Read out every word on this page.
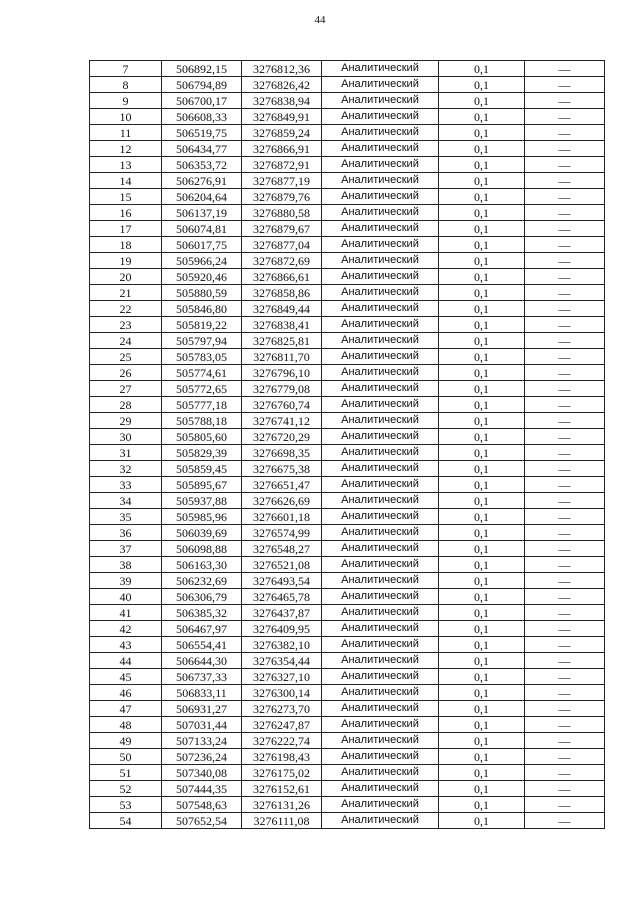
44
7	506892,15	3276812,36	Аналитический	0,1	—
8	506794,89	3276826,42	Аналитический	0,1	—
9	506700,17	3276838,94	Аналитический	0,1	—
10	506608,33	3276849,91	Аналитический	0,1	—
11	506519,75	3276859,24	Аналитический	0,1	—
12	506434,77	3276866,91	Аналитический	0,1	—
13	506353,72	3276872,91	Аналитический	0,1	—
14	506276,91	3276877,19	Аналитический	0,1	—
15	506204,64	3276879,76	Аналитический	0,1	—
16	506137,19	3276880,58	Аналитический	0,1	—
17	506074,81	3276879,67	Аналитический	0,1	—
18	506017,75	3276877,04	Аналитический	0,1	—
19	505966,24	3276872,69	Аналитический	0,1	—
20	505920,46	3276866,61	Аналитический	0,1	—
21	505880,59	3276858,86	Аналитический	0,1	—
22	505846,80	3276849,44	Аналитический	0,1	—
23	505819,22	3276838,41	Аналитический	0,1	—
24	505797,94	3276825,81	Аналитический	0,1	—
25	505783,05	3276811,70	Аналитический	0,1	—
26	505774,61	3276796,10	Аналитический	0,1	—
27	505772,65	3276779,08	Аналитический	0,1	—
28	505777,18	3276760,74	Аналитический	0,1	—
29	505788,18	3276741,12	Аналитический	0,1	—
30	505805,60	3276720,29	Аналитический	0,1	—
31	505829,39	3276698,35	Аналитический	0,1	—
32	505859,45	3276675,38	Аналитический	0,1	—
33	505895,67	3276651,47	Аналитический	0,1	—
34	505937,88	3276626,69	Аналитический	0,1	—
35	505985,96	3276601,18	Аналитический	0,1	—
36	506039,69	3276574,99	Аналитический	0,1	—
37	506098,88	3276548,27	Аналитический	0,1	—
38	506163,30	3276521,08	Аналитический	0,1	—
39	506232,69	3276493,54	Аналитический	0,1	—
40	506306,79	3276465,78	Аналитический	0,1	—
41	506385,32	3276437,87	Аналитический	0,1	—
42	506467,97	3276409,95	Аналитический	0,1	—
43	506554,41	3276382,10	Аналитический	0,1	—
44	506644,30	3276354,44	Аналитический	0,1	—
45	506737,33	3276327,10	Аналитический	0,1	—
46	506833,11	3276300,14	Аналитический	0,1	—
47	506931,27	3276273,70	Аналитический	0,1	—
48	507031,44	3276247,87	Аналитический	0,1	—
49	507133,24	3276222,74	Аналитический	0,1	—
50	507236,24	3276198,43	Аналитический	0,1	—
51	507340,08	3276175,02	Аналитический	0,1	—
52	507444,35	3276152,61	Аналитический	0,1	—
53	507548,63	3276131,26	Аналитический	0,1	—
54	507652,54	3276111,08	Аналитический	0,1	—
